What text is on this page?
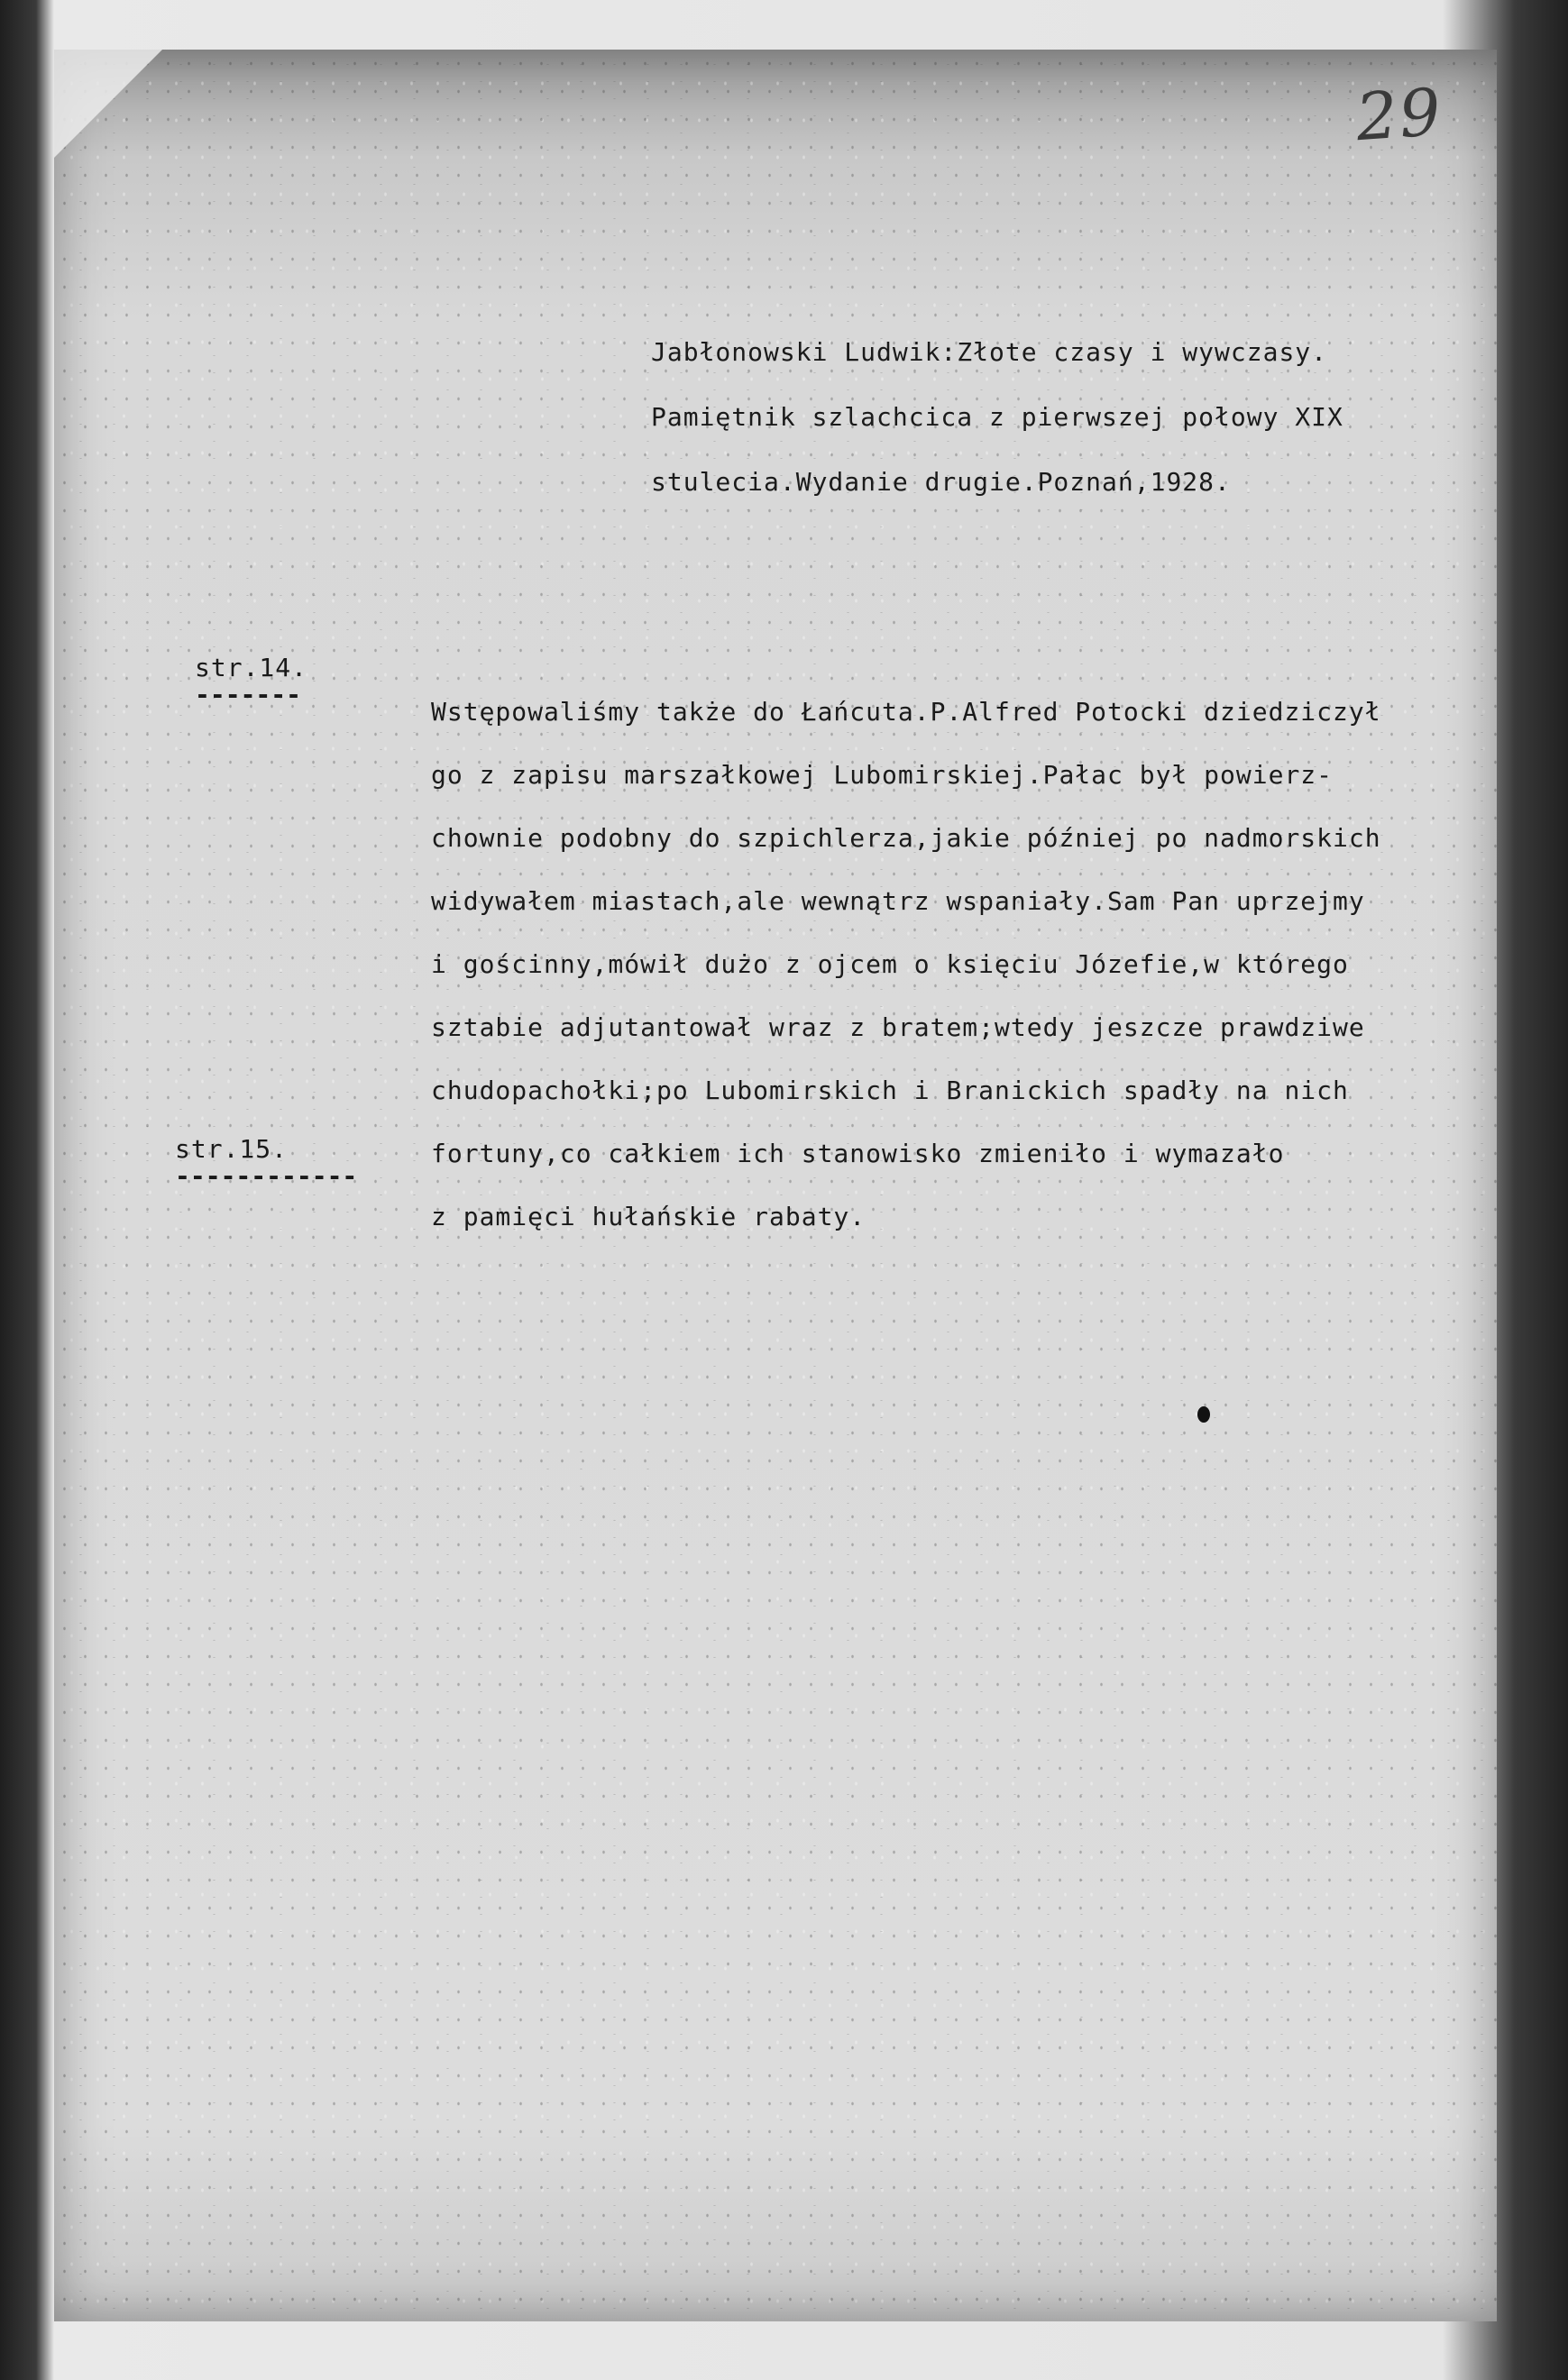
29
Jabłonowski Ludwik:Złote czasy i wywczasy.
Pamiętnik szlachcica z pierwszej połowy XIX
stulecia.Wydanie drugie.Poznań,1928.
str.14.
-------
str.15.
------------
Wstępowaliśmy także do Łańcuta.P.Alfred Potocki dziedziczył
go z zapisu marszałkowej Lubomirskiej.Pałac był powierz-
chownie podobny do szpichlerza,jakie później po nadmorskich
widywałem miastach,ale wewnątrz wspaniały.Sam Pan uprzejmy
i gościnny,mówił dużo z ojcem o księciu Józefie,w którego
sztabie adjutantował wraz z bratem;wtedy jeszcze prawdziwe
chudopachołki;po Lubomirskich i Branickich spadły na nich
fortuny,co całkiem ich stanowisko zmieniło i wymazało
z pamięci hułańskie rabaty.
